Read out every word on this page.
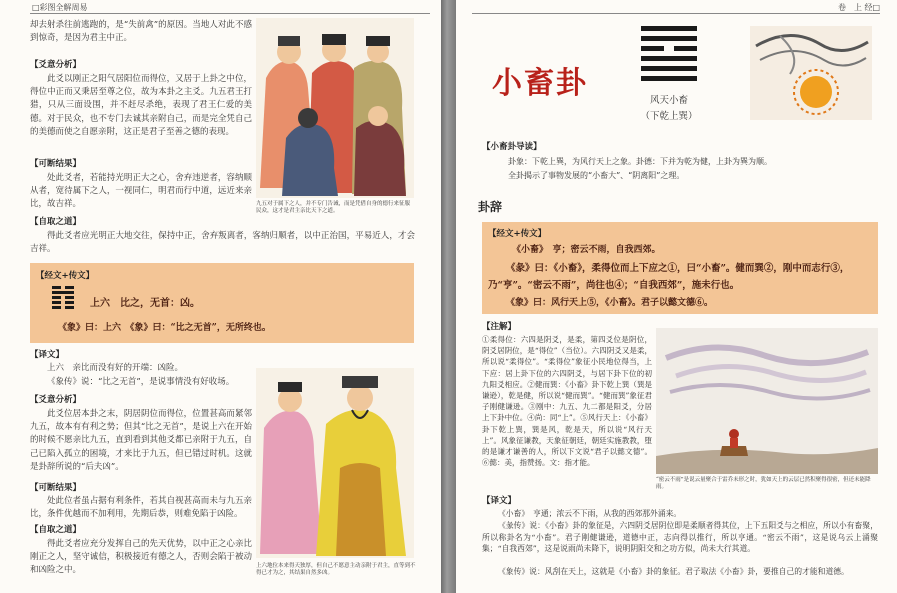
□彩图全解周易
却去射杀往前逃跑的，是“失前禽”的原因。当地人对此不感到惊奇，是因为君主中正。
【爻意分析】
此爻以刚正之阳气居阳位而得位，又居于上卦之中位，得位中正而又秉居至尊之位，故为本卦之主爻。九五君王打猎，只从三面设围，并不赶尽杀绝，表现了君王仁爱的美德。对于民众，也不专门去诚其亲附自己，而是完全凭自己的美德而使之自愿亲附，这正是君子至善之德的表现。
【可断结果】
处此爻者，若能持光明正大之心，舍弃违逆者，容纳顺从者，宽待属下之人，一视同仁，明君而行中道，远近来亲比，故吉祥。
【自取之道】
得此爻者应光明正大地交往，保持中正，舍弃叛离者，客纳归顺者，以中正治国，平易近人，才会吉祥。
九五对于属下之人，并不专门告诫，而是凭借自身的德行来征服民众，这才是君主亲比天下之道。
【经文+传文】
上六　比之，无首：凶。
《象》曰：上六　《象》曰：“比之无首”，无所终也。
【译文】
上六　亲比而没有好的开端：凶险。
《象传》说：“比之无首”，是说事情没有好收场。
【爻意分析】
此爻位居本卦之末，阴居阴位而得位，位置甚高而紧邻九五，故本有有利之势；但其“比之无首”，是说上六在开始的时候不愿亲比九五，直到看到其他爻都已亲附于九五，自己已陷入孤立的困境，才来比于九五，但已错过时机。这就是卦辞所说的“后夫凶”。
【可断结果】
处此位者虽占据有利条件，若其自视甚高而未与九五亲比，条件优越而不加利用，先期后恭，则难免陷于凶险。
【自取之道】
得此爻者应充分发挥自己的先天优势，以中正之心亲比刚正之人，坚守诚信，积极接近有德之人，否则会陷于被动和凶险之中。	上六地位本来得天独厚，但自己不愿意主动亲附于君主，直等到不得已才为之，其结果自然多凶。
卷　上 经□
小畜卦	风天小畜
（下乾上巽）
【小畜卦导读】
卦象：下乾上巽，为风行天上之象。卦德：下并为乾为健，上卦为巽为顺。
全卦揭示了事物发展的“小畜大”、“阴离阳”之理。
卦辞
【经文+传文】
《小畜》　亨；密云不雨，自我西郊。
《彖》曰：《小畜》，柔得位而上下应之①，曰“小畜”。健而巽②，刚中而志行③，乃“亨”。“密云不雨”，尚往也④；“自我西郊”，施未行也。
《象》曰：风行天上⑤，《小畜》。君子以懿文德⑥。
【注解】
①柔得位：六四是阴爻，是柔，第四爻位是阴位，阴爻居阴位，是“得位”（当位）。六四阴爻又是柔，所以说“柔得位”。“柔得位”象征小民地位得当，上下应：居上卦下位的六四阴爻，与居下卦下位的初九阳爻相应。②健而巽：《小畜》卦下乾上巽（巽是谦逊），乾是健，所以说“健而巽”。“健而巽”象征君子刚健谦逊。③刚中：九五、九二都是阳爻，分居上下卦中位。④尚：同“上”。⑤风行天上：《小畜》卦下乾上巽，巽是风，乾是天，所以说“风行天上”。风象征谦教，天象征朝廷，朝廷实施教教，堕的是谦才谦善的人，所以下文说“君子以懿文德”。⑥懿：美，指赞扬。文：指才能。
“密云不雨”是说云量聚合于雷乔未形之时，犹如天上的云层已然积聚得很密，但还未能降雨。
【译文】
《小畜》　亨通；浓云不下雨，从我的西郊那外涌来。
《彖传》说：《小畜》卦的象征是，六四阴爻居阴位即是柔顺者得其位，上下五阳爻与之相应，所以小有畜聚，所以称卦名为“小畜”。君子刚健谦逊，道德中正，志向得以推行，所以亨通。“密云不雨”，这是说乌云上涌聚集；“自我西郊”，这是说雨尚未降下，说明阴阳交和之功方似，尚未大行其道。
《象传》说：风刮在天上，这就是《小畜》卦的象征。君子取法《小畜》卦，要推自己的才能和道德。
